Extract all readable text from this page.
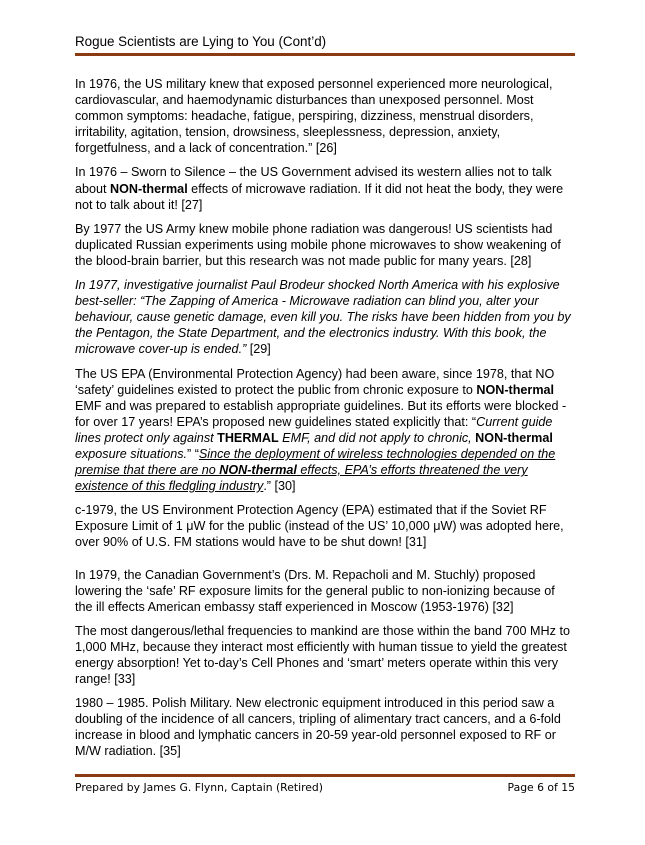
Rogue Scientists are Lying to You (Cont’d)

In 1976, the US military knew that exposed personnel experienced more neurological, cardiovascular, and haemodynamic disturbances than unexposed personnel. Most common symptoms: headache, fatigue, perspiring, dizziness, menstrual disorders, irritability, agitation, tension, drowsiness, sleeplessness, depression, anxiety, forgetfulness, and a lack of concentration.” [26]

In 1976 – Sworn to Silence – the US Government advised its western allies not to talk about NON-thermal effects of microwave radiation. If it did not heat the body, they were not to talk about it! [27]

By 1977 the US Army knew mobile phone radiation was dangerous! US scientists had duplicated Russian experiments using mobile phone microwaves to show weakening of the blood-brain barrier, but this research was not made public for many years. [28]

In 1977, investigative journalist Paul Brodeur shocked North America with his explosive best-seller: “The Zapping of America - Microwave radiation can blind you, alter your behaviour, cause genetic damage, even kill you. The risks have been hidden from you by the Pentagon, the State Department, and the electronics industry. With this book, the microwave cover-up is ended.” [29]

The US EPA (Environmental Protection Agency) had been aware, since 1978, that NO ‘safety’ guidelines existed to protect the public from chronic exposure to NON-thermal EMF and was prepared to establish appropriate guidelines. But its efforts were blocked - for over 17 years! EPA’s proposed new guidelines stated explicitly that: “Current guide lines protect only against THERMAL EMF, and did not apply to chronic, NON-thermal exposure situations.” “Since the deployment of wireless technologies depended on the premise that there are no NON-thermal effects, EPA’s efforts threatened the very existence of this fledgling industry.” [30]

c-1979, the US Environment Protection Agency (EPA) estimated that if the Soviet RF Exposure Limit of 1 μW for the public (instead of the US’ 10,000 μW) was adopted here, over 90% of U.S. FM stations would have to be shut down! [31]

In 1979, the Canadian Government’s (Drs. M. Repacholi and M. Stuchly) proposed lowering the ‘safe’ RF exposure limits for the general public to non-ionizing because of the ill effects American embassy staff experienced in Moscow (1953-1976) [32]

The most dangerous/lethal frequencies to mankind are those within the band 700 MHz to 1,000 MHz, because they interact most efficiently with human tissue to yield the greatest energy absorption! Yet to-day’s Cell Phones and ‘smart’ meters operate within this very range! [33]

1980 – 1985. Polish Military. New electronic equipment introduced in this period saw a doubling of the incidence of all cancers, tripling of alimentary tract cancers, and a 6-fold increase in blood and lymphatic cancers in 20-59 year-old personnel exposed to RF or M/W radiation. [35]

Prepared by James G. Flynn, Captain (Retired)	Page 6 of 15
